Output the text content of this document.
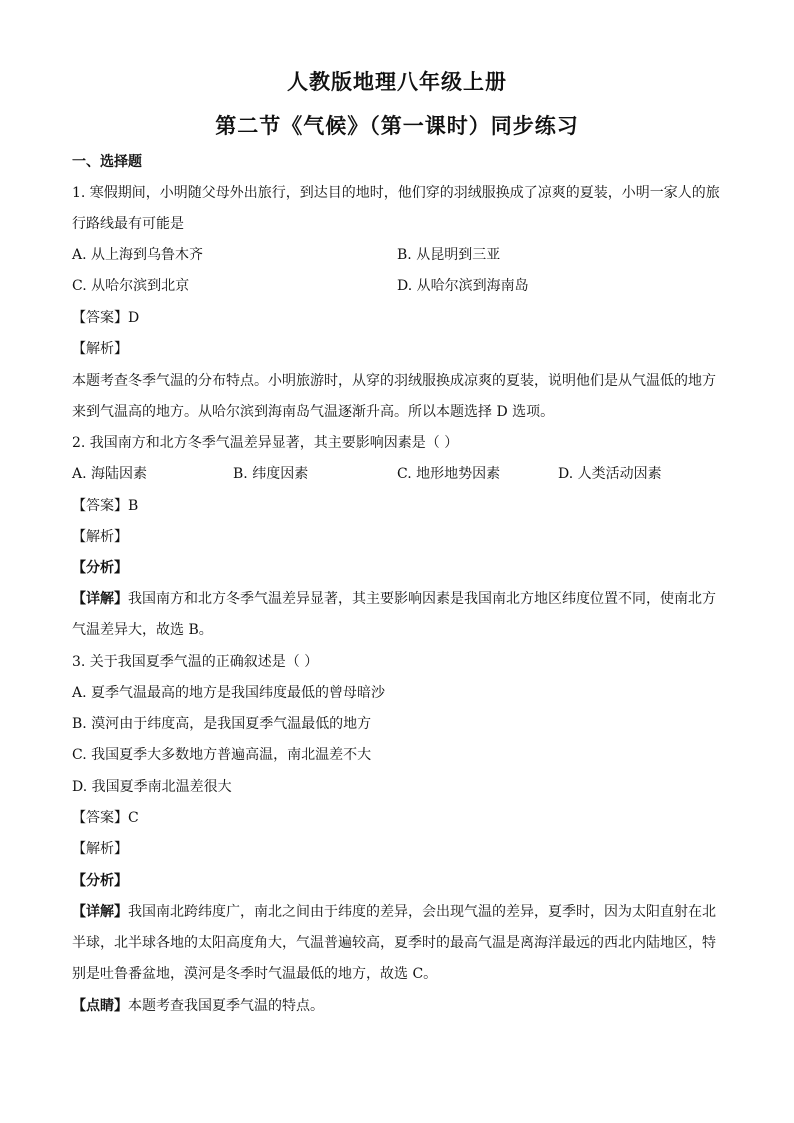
人教版地理八年级上册
第二节《气候》（第一课时）同步练习
一、选择题
1. 寒假期间，小明随父母外出旅行，到达目的地时，他们穿的羽绒服换成了凉爽的夏装，小明一家人的旅
行路线最有可能是
A. 从上海到乌鲁木齐	B. 从昆明到三亚
C. 从哈尔滨到北京	D. 从哈尔滨到海南岛
【答案】D
【解析】
本题考查冬季气温的分布特点。小明旅游时，从穿的羽绒服换成凉爽的夏装，说明他们是从气温低的地方
来到气温高的地方。从哈尔滨到海南岛气温逐渐升高。所以本题选择 D 选项。
2. 我国南方和北方冬季气温差异显著，其主要影响因素是（ ）
A. 海陆因素	B. 纬度因素	C. 地形地势因素	D. 人类活动因素
【答案】B
【解析】
【分析】
【详解】我国南方和北方冬季气温差异显著，其主要影响因素是我国南北方地区纬度位置不同，使南北方
气温差异大，故选 B。
3. 关于我国夏季气温的正确叙述是（ ）
A. 夏季气温最高的地方是我国纬度最低的曾母暗沙
B. 漠河由于纬度高，是我国夏季气温最低的地方
C. 我国夏季大多数地方普遍高温，南北温差不大
D. 我国夏季南北温差很大
【答案】C
【解析】
【分析】
【详解】我国南北跨纬度广，南北之间由于纬度的差异，会出现气温的差异，夏季时，因为太阳直射在北
半球，北半球各地的太阳高度角大，气温普遍较高，夏季时的最高气温是离海洋最远的西北内陆地区，特
别是吐鲁番盆地，漠河是冬季时气温最低的地方，故选 C。
【点睛】本题考查我国夏季气温的特点。
